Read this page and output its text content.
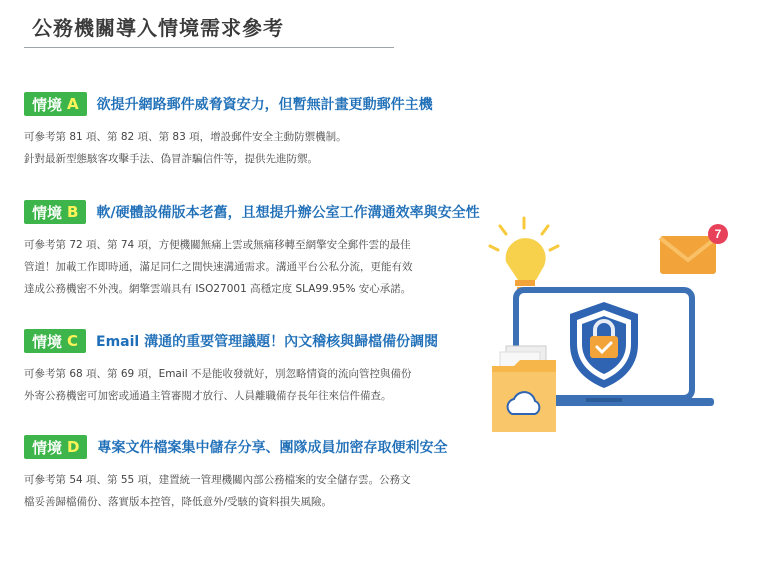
公務機關導入情境需求參考
情境 A 欲提升網路郵件威脅資安力，但暫無計畫更動郵件主機
可參考第 81 項、第 82 項、第 83 項，增設郵件安全主動防禦機制。
針對最新型態駭客攻擊手法、偽冒詐騙信件等，提供先進防禦。
情境 B 軟/硬體設備版本老舊，且想提升辦公室工作溝通效率與安全性
可參考第 72 項、第 74 項，方便機關無痛上雲或無痛移轉至網擎安全郵件雲的最佳
管道！加載工作即時通，滿足同仁之間快速溝通需求。溝通平台公私分流，更能有效
達成公務機密不外洩。網擎雲端具有 ISO27001 高穩定度 SLA99.95% 安心承諾。
情境 C Email 溝通的重要管理議題！內文稽核與歸檔備份調閱
可參考第 68 項、第 69 項，Email 不是能收發就好，別忽略情資的流向管控與備份
外寄公務機密可加密或通過主管審閱才放行、人員離職備存長年往來信件備查。
情境 D 專案文件檔案集中儲存分享、團隊成員加密存取便利安全
可參考第 54 項、第 55 項，建置統一管理機關內部公務檔案的安全儲存雲。公務文
檔妥善歸檔備份、落實版本控管，降低意外/受駭的資料損失風險。
7
